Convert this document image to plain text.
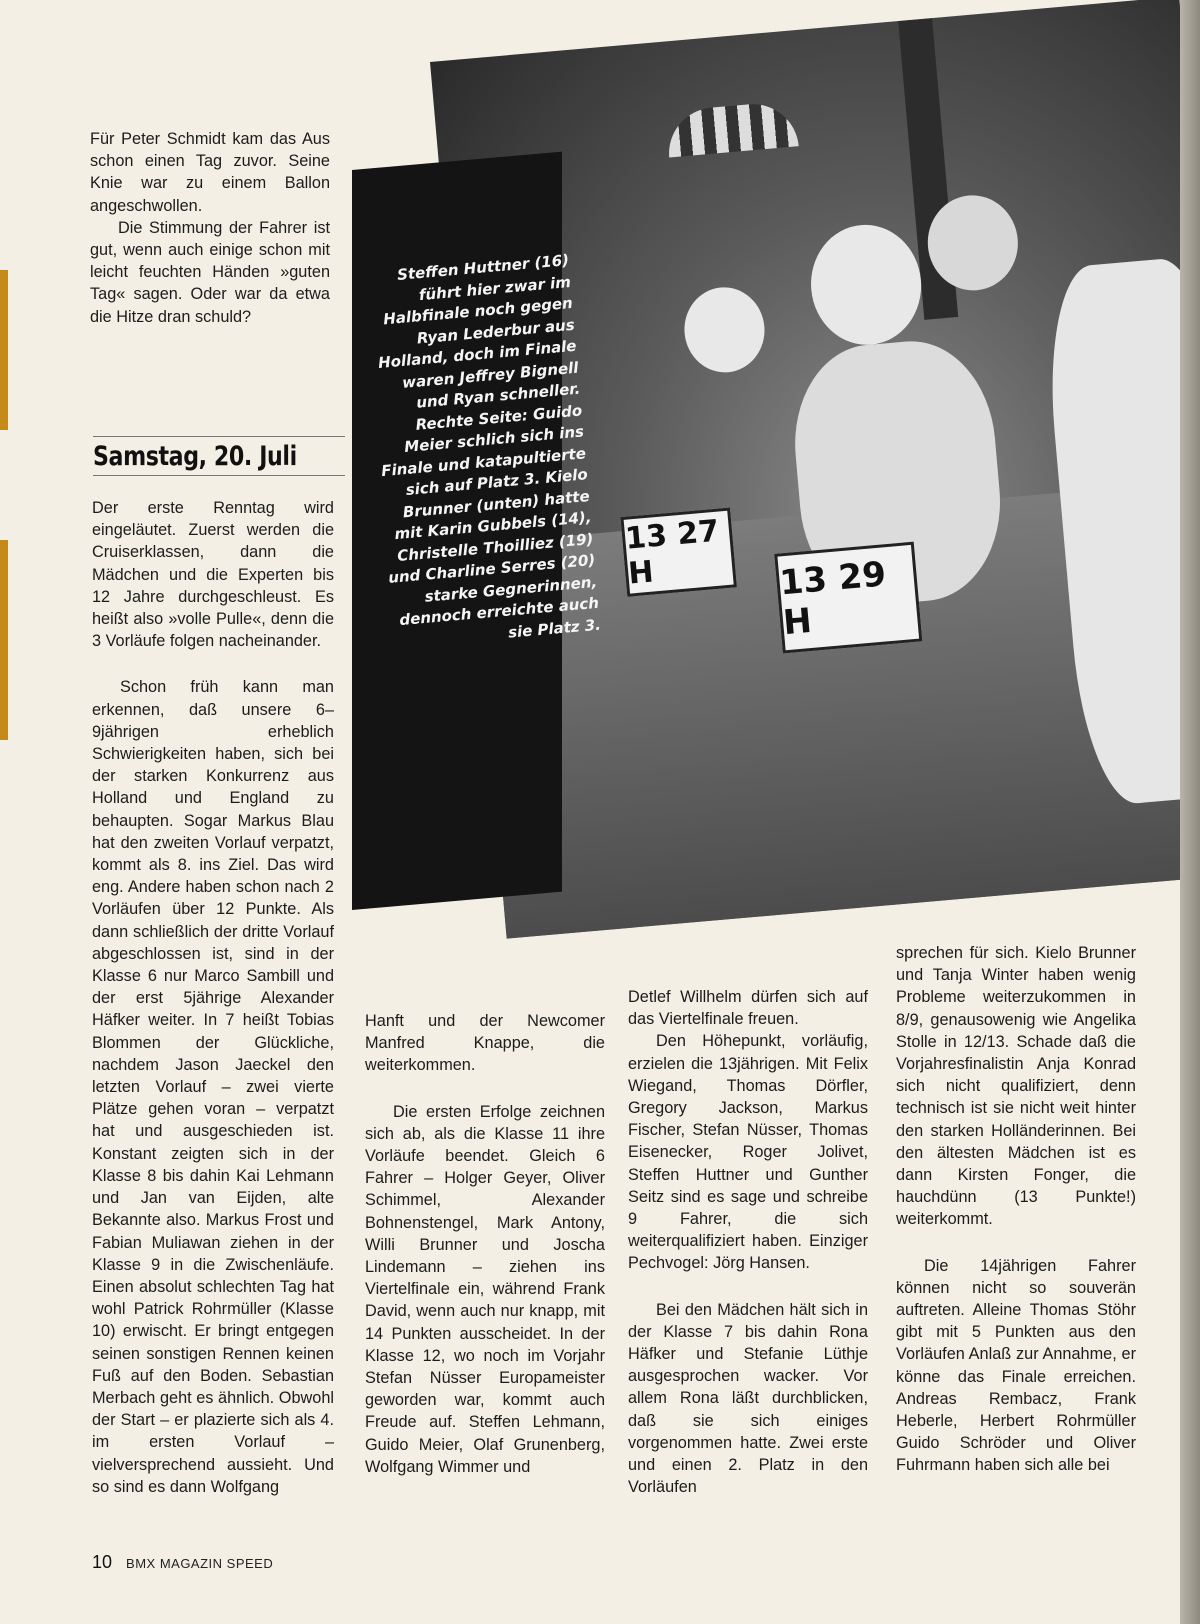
13 27 H	13 29 H
Steffen Huttner (16) führt hier zwar im Halbfinale noch gegen Ryan Lederbur aus Holland, doch im Finale waren Jeffrey Bignell und Ryan schneller. Rechte Seite: Guido Meier schlich sich ins Finale und katapultierte sich auf Platz 3. Kielo Brunner (unten) hatte mit Karin Gubbels (14), Christelle Thoilliez (19) und Charline Serres (20) starke Gegnerinnen, dennoch erreichte auch sie Platz 3.

Für Peter Schmidt kam das Aus schon einen Tag zuvor. Seine Knie war zu einem Ballon angeschwollen.

Die Stimmung der Fahrer ist gut, wenn auch einige schon mit leicht feuchten Händen »guten Tag« sagen. Oder war da etwa die Hitze dran schuld?

Samstag, 20. Juli

Der erste Renntag wird eingeläutet. Zuerst werden die Cruiserklassen, dann die Mädchen und die Experten bis 12 Jahre durchgeschleust. Es heißt also »volle Pulle«, denn die 3 Vorläufe folgen nacheinander.

Schon früh kann man erkennen, daß unsere 6–9jährigen erheblich Schwierigkeiten haben, sich bei der starken Konkurrenz aus Holland und England zu behaupten. Sogar Markus Blau hat den zweiten Vorlauf verpatzt, kommt als 8. ins Ziel. Das wird eng. Andere haben schon nach 2 Vorläufen über 12 Punkte. Als dann schließlich der dritte Vorlauf abgeschlossen ist, sind in der Klasse 6 nur Marco Sambill und der erst 5jährige Alexander Häfker weiter. In 7 heißt Tobias Blommen der Glückliche, nachdem Jason Jaeckel den letzten Vorlauf – zwei vierte Plätze gehen voran – verpatzt hat und ausgeschieden ist. Konstant zeigten sich in der Klasse 8 bis dahin Kai Lehmann und Jan van Eijden, alte Bekannte also. Markus Frost und Fabian Muliawan ziehen in der Klasse 9 in die Zwischenläufe. Einen absolut schlechten Tag hat wohl Patrick Rohrmüller (Klasse 10) erwischt. Er bringt entgegen seinen sonstigen Rennen keinen Fuß auf den Boden. Sebastian Merbach geht es ähnlich. Obwohl der Start – er plazierte sich als 4. im ersten Vorlauf – vielversprechend aussieht. Und so sind es dann Wolfgang

Hanft und der Newcomer Manfred Knappe, die weiterkommen.

Die ersten Erfolge zeichnen sich ab, als die Klasse 11 ihre Vorläufe beendet. Gleich 6 Fahrer – Holger Geyer, Oliver Schimmel, Alexander Bohnenstengel, Mark Antony, Willi Brunner und Joscha Lindemann – ziehen ins Viertelfinale ein, während Frank David, wenn auch nur knapp, mit 14 Punkten ausscheidet. In der Klasse 12, wo noch im Vorjahr Stefan Nüsser Europameister geworden war, kommt auch Freude auf. Steffen Lehmann, Guido Meier, Olaf Grunenberg, Wolfgang Wimmer und

Detlef Willhelm dürfen sich auf das Viertelfinale freuen.

Den Höhepunkt, vorläufig, erzielen die 13jährigen. Mit Felix Wiegand, Thomas Dörfler, Gregory Jackson, Markus Fischer, Stefan Nüsser, Thomas Eisenecker, Roger Jolivet, Steffen Huttner und Gunther Seitz sind es sage und schreibe 9 Fahrer, die sich weiterqualifiziert haben. Einziger Pechvogel: Jörg Hansen.

Bei den Mädchen hält sich in der Klasse 7 bis dahin Rona Häfker und Stefanie Lüthje ausgesprochen wacker. Vor allem Rona läßt durchblicken, daß sie sich einiges vorgenommen hatte. Zwei erste und einen 2. Platz in den Vorläufen

sprechen für sich. Kielo Brunner und Tanja Winter haben wenig Probleme weiterzukommen in 8/9, genausowenig wie Angelika Stolle in 12/13. Schade daß die Vorjahresfinalistin Anja Konrad sich nicht qualifiziert, denn technisch ist sie nicht weit hinter den starken Holländerinnen. Bei den ältesten Mädchen ist es dann Kirsten Fonger, die hauchdünn (13 Punkte!) weiterkommt.

Die 14jährigen Fahrer können nicht so souverän auftreten. Alleine Thomas Stöhr gibt mit 5 Punkten aus den Vorläufen Anlaß zur Annahme, er könne das Finale erreichen. Andreas Rembacz, Frank Heberle, Herbert Rohrmüller Guido Schröder und Oliver Fuhrmann haben sich alle bei

10 BMX MAGAZIN SPEED
